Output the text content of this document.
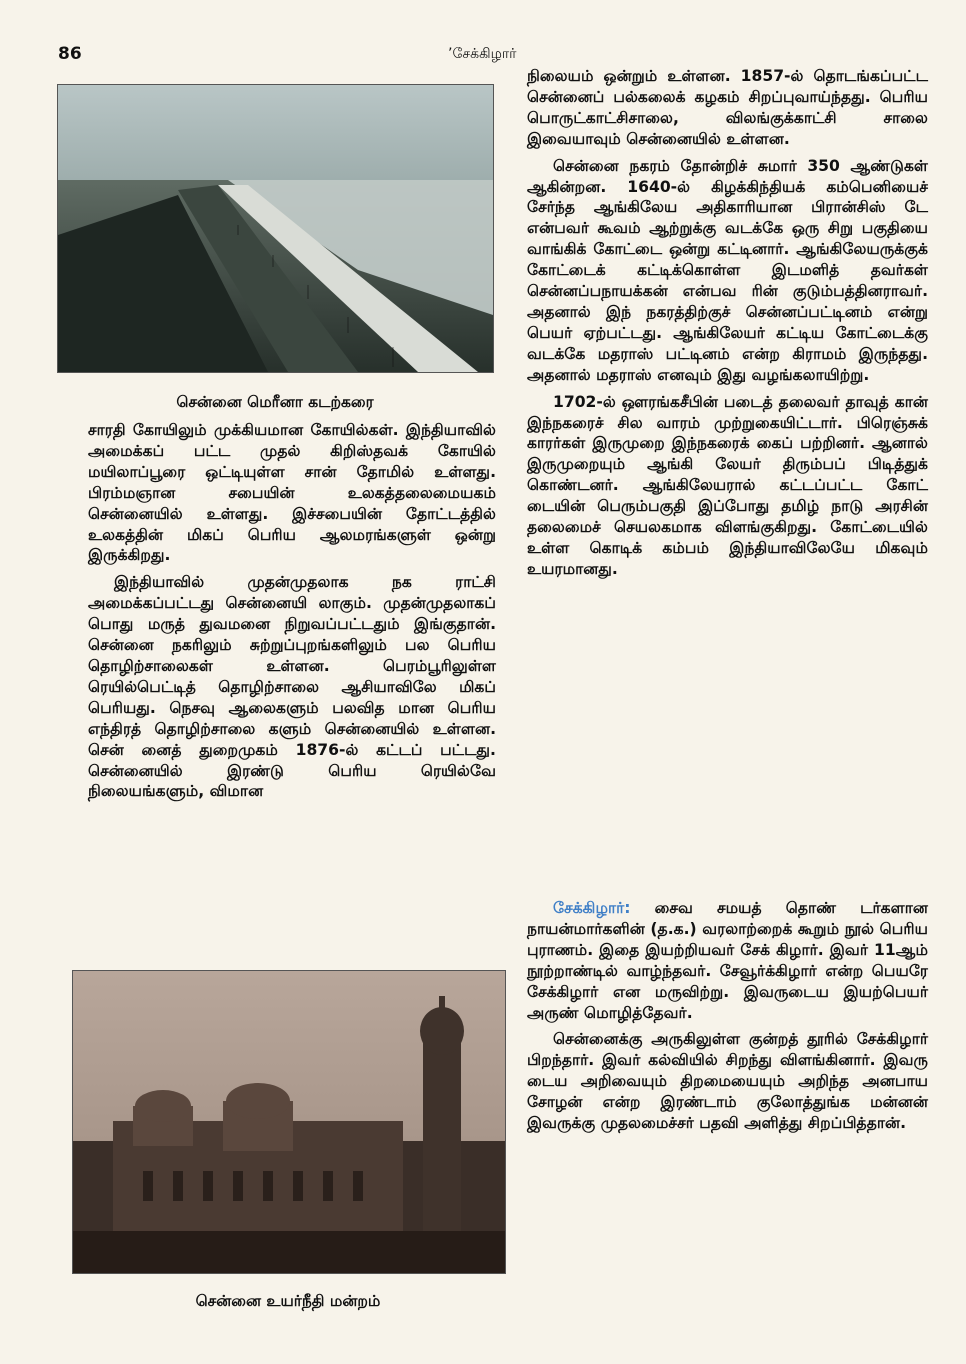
86	’சேக்கிழார்
சென்னை மெரீனா கடற்கரை

சாரதி கோயிலும் முக்கியமான கோயில்கள். இந்தியாவில் அமைக்கப் பட்ட முதல் கிறிஸ்தவக் கோயில் மயிலாப்பூரை ஒட்டியுள்ள சான் தோமில் உள்ளது. பிரம்மஞான சபையின் உலகத்தலைமையகம் சென்னையில் உள்ளது. இச்சபையின் தோட்டத்தில் உலகத்தின் மிகப் பெரிய ஆலமரங்களுள் ஒன்று இருக்கிறது.

இந்தியாவில் முதன்முதலாக நக ராட்சி அமைக்கப்பட்டது சென்னையி லாகும். முதன்முதலாகப் பொது மருத் துவமனை நிறுவப்பட்டதும் இங்குதான். சென்னை நகரிலும் சுற்றுப்புறங்களிலும் பல பெரிய தொழிற்சாலைகள் உள்ளன. பெரம்பூரிலுள்ள ரெயில்பெட்டித் தொழிற்சாலை ஆசியாவிலே மிகப் பெரியது. நெசவு ஆலைகளும் பலவித மான பெரிய எந்திரத் தொழிற்சாலை களும் சென்னையில் உள்ளன. சென் னைத் துறைமுகம் 1876-ல் கட்டப் பட்டது. சென்னையில் இரண்டு பெரிய ரெயில்வே நிலையங்களும், விமான

சென்னை உயர்நீதி மன்றம்

நிலையம் ஒன்றும் உள்ளன. 1857-ல் தொடங்கப்பட்ட சென்னைப் பல்கலைக் கழகம் சிறப்புவாய்ந்தது. பெரிய பொருட்காட்சிசாலை, விலங்குக்காட்சி சாலை இவையாவும் சென்னையில் உள்ளன.

சென்னை நகரம் தோன்றிச் சுமார் 350 ஆண்டுகள் ஆகின்றன. 1640-ல் கிழக்கிந்தியக் கம்பெனியைச் சேர்ந்த ஆங்கிலேய அதிகாரியான பிரான்சிஸ் டே என்பவர் கூவம் ஆற்றுக்கு வடக்கே ஒரு சிறு பகுதியை வாங்கிக் கோட்டை ஒன்று கட்டினார். ஆங்கிலேயருக்குக் கோட்டைக் கட்டிக்கொள்ள இடமளித் தவர்கள் சென்னப்பநாயக்கன் என்பவ ரின் குடும்பத்தினராவர். அதனால் இந் நகரத்திற்குச் சென்னப்பட்டினம் என்று பெயர் ஏற்பட்டது. ஆங்கிலேயர் கட்டிய கோட்டைக்கு வடக்கே மதராஸ் பட்டினம் என்ற கிராமம் இருந்தது. அதனால் மதராஸ் எனவும் இது வழங்கலாயிற்று.

1702-ல் ஔரங்கசீபின் படைத் தலைவர் தாவுத் கான் இந்நகரைச் சில வாரம் முற்றுகையிட்டார். பிரெஞ்சுக் காரர்கள் இருமுறை இந்நகரைக் கைப் பற்றினர். ஆனால் இருமுறையும் ஆங்கி லேயர் திரும்பப் பிடித்துக் கொண்டனர். ஆங்கிலேயரால் கட்டப்பட்ட கோட் டையின் பெரும்பகுதி இப்போது தமிழ் நாடு அரசின் தலைமைச் செயலகமாக விளங்குகிறது. கோட்டையில் உள்ள கொடிக் கம்பம் இந்தியாவிலேயே மிகவும் உயரமானது.

சேக்கிழார்: சைவ சமயத் தொண் டர்களான நாயன்மார்களின் (த.க.) வரலாற்றைக் கூறும் நூல் பெரிய புராணம். இதை இயற்றியவர் சேக் கிழார். இவர் 11ஆம் நூற்றாண்டில் வாழ்ந்தவர். சேவூர்க்கிழார் என்ற பெயரே சேக்கிழார் என மருவிற்று. இவருடைய இயற்பெயர் அருண் மொழித்தேவர்.

சென்னைக்கு அருகிலுள்ள குன்றத் தூரில் சேக்கிழார் பிறந்தார். இவர் கல்வியில் சிறந்து விளங்கினார். இவரு டைய அறிவையும் திறமையையும் அறிந்த அனபாய சோழன் என்ற இரண்டாம் குலோத்துங்க மன்னன் இவருக்கு முதலமைச்சர் பதவி அளித்து சிறப்பித்தான்.
